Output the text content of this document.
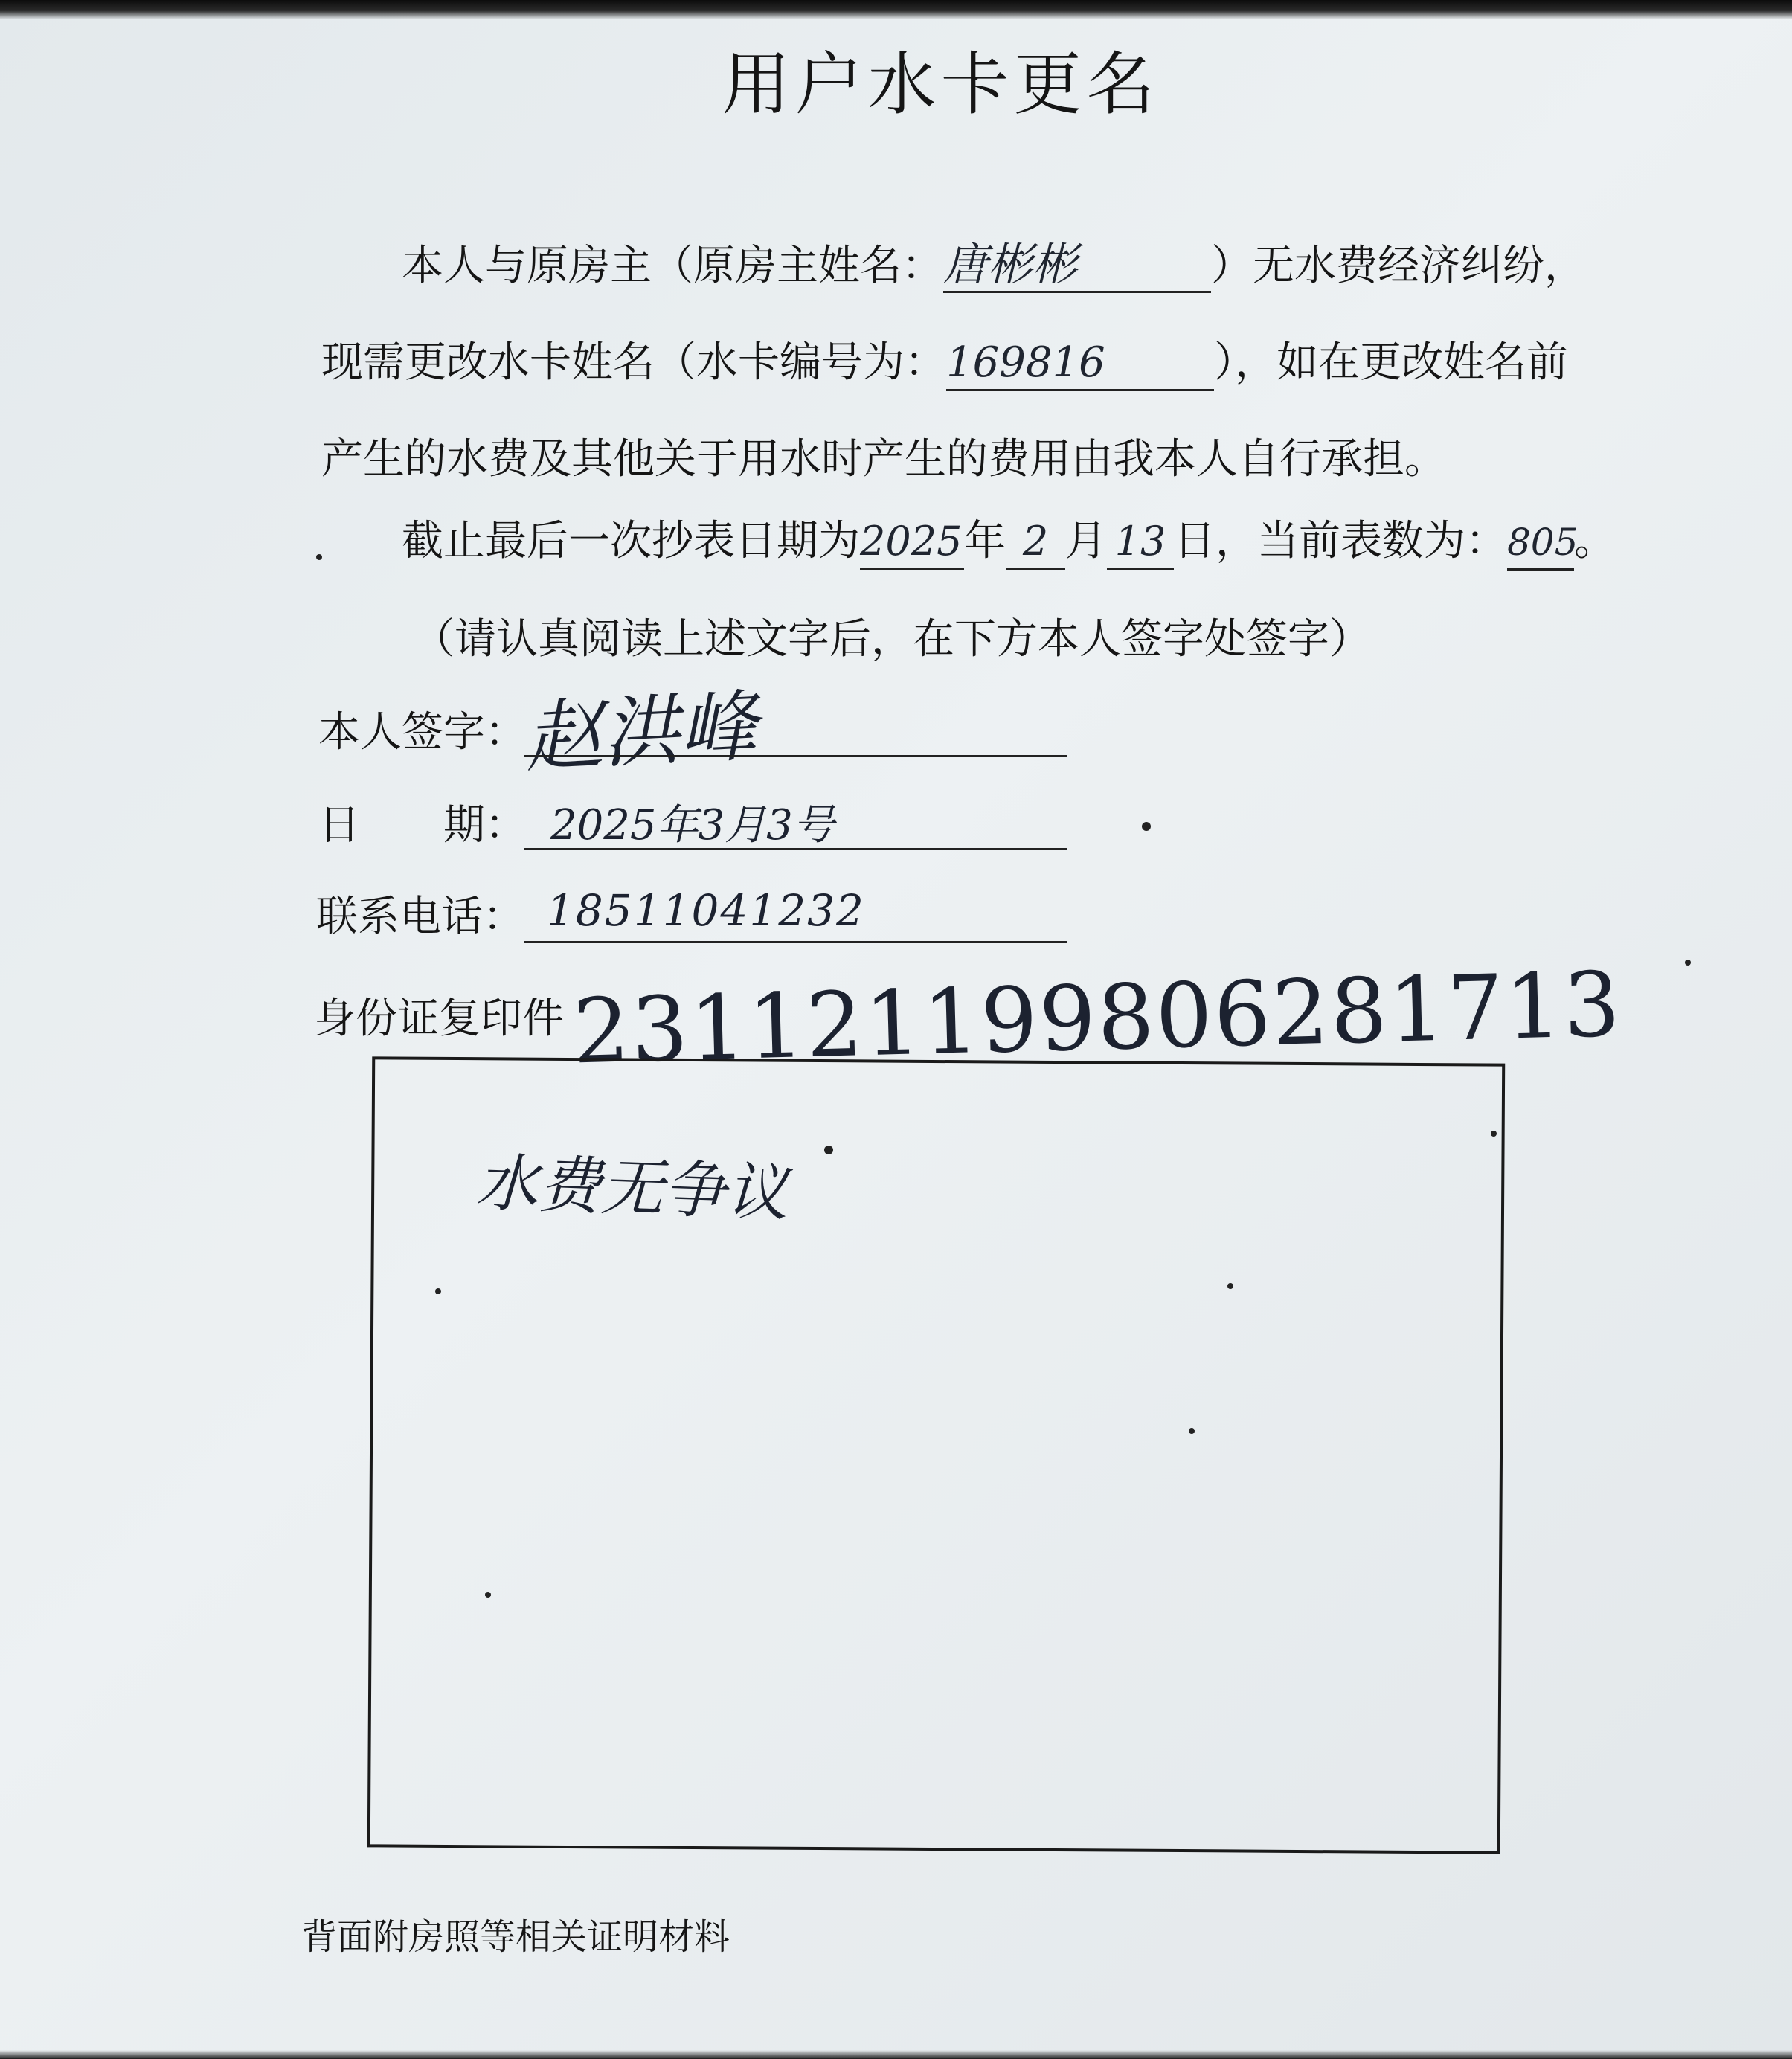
用户水卡更名
本人与原房主（原房主姓名：唐彬彬	）无水费经济纠纷，
现需更改水卡姓名（水卡编号为：169816	），如在更改姓名前
产生的水费及其他关于用水时产生的费用由我本人自行承担。
截止最后一次抄表日期为2025年 2 月 13 日，当前表数为：805。
（请认真阅读上述文字后，在下方本人签字处签字）
本人签字：
赵洪峰
日　　期： 2025年3月3号
联系电话： 18511041232
身份证复印件 231121199806281713
水费无争议
背面附房照等相关证明材料
